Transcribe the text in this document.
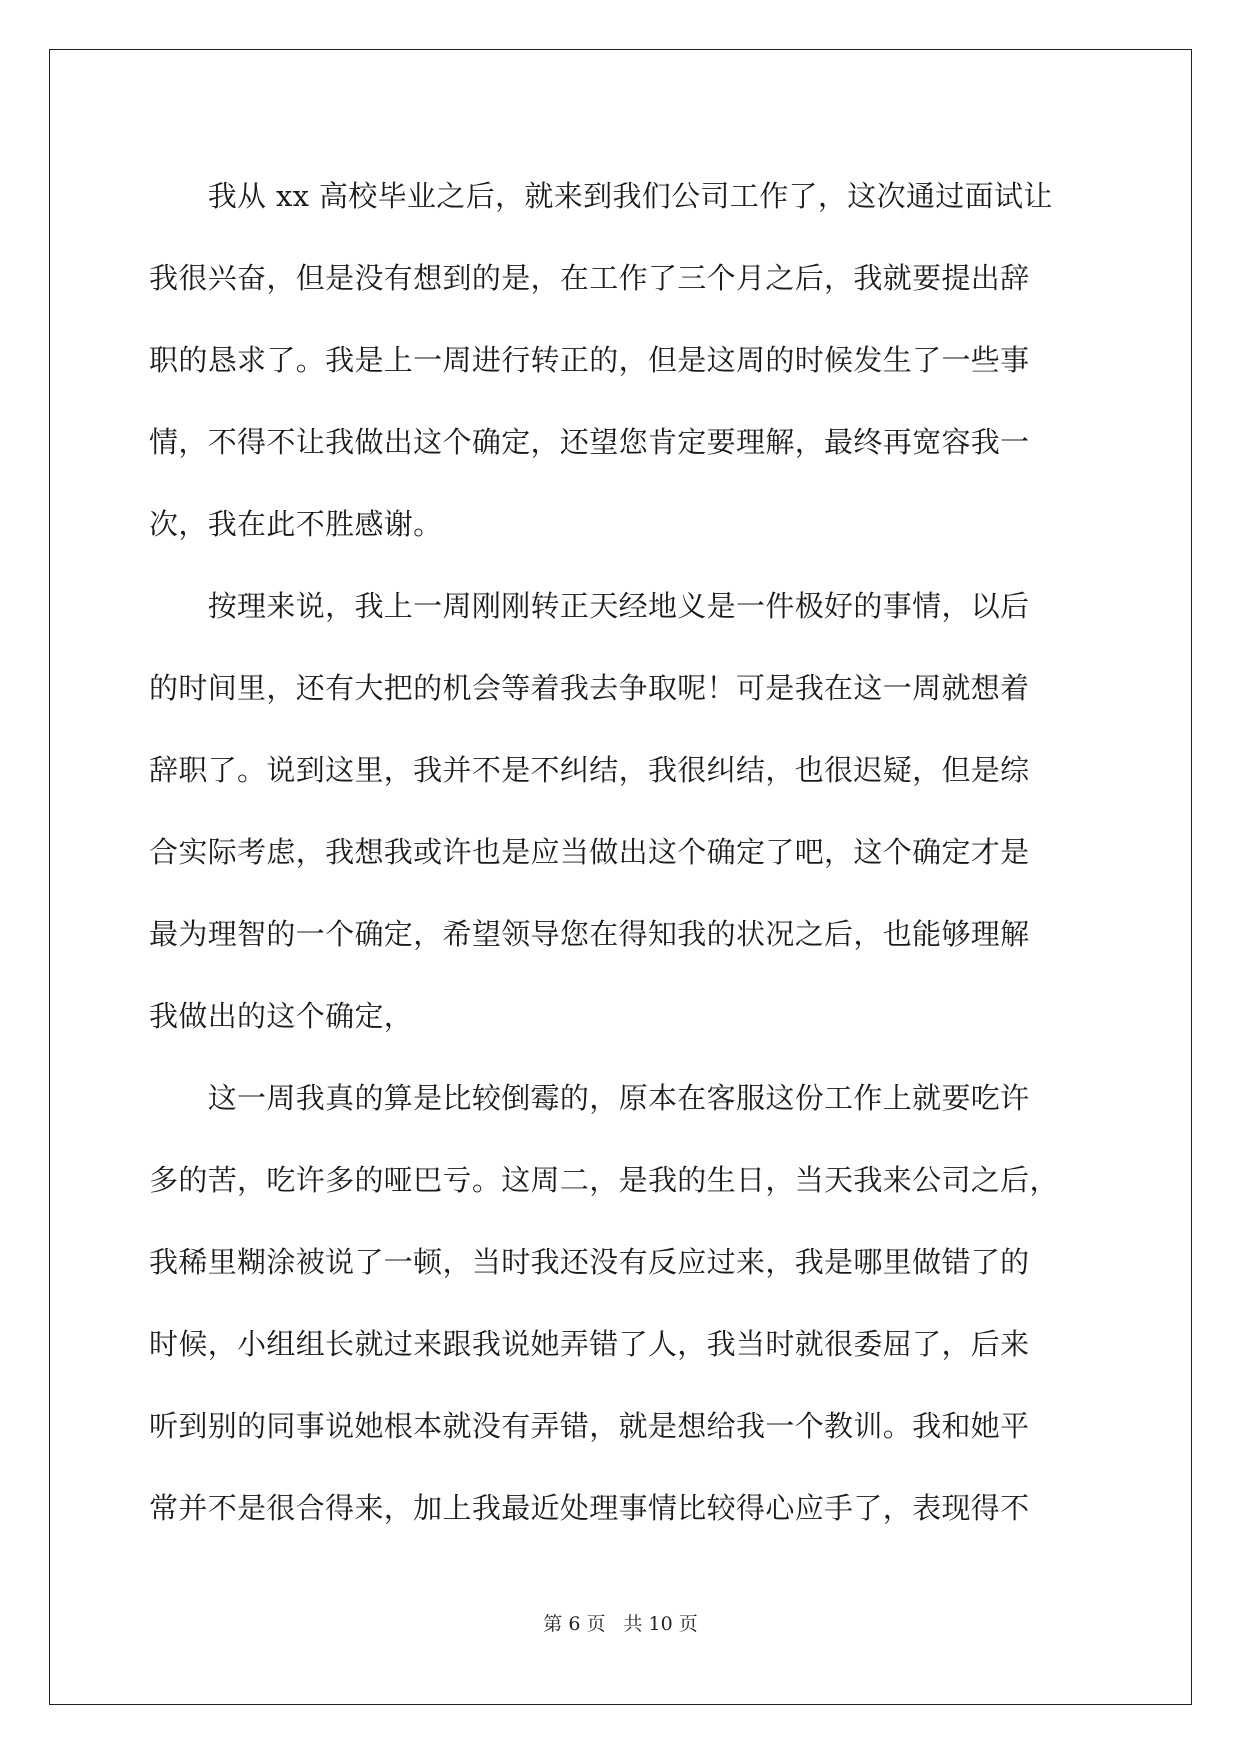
　　我从 xx 高校毕业之后，就来到我们公司工作了，这次通过面试让
我很兴奋，但是没有想到的是，在工作了三个月之后，我就要提出辞
职的恳求了。我是上一周进行转正的，但是这周的时候发生了一些事
情，不得不让我做出这个确定，还望您肯定要理解，最终再宽容我一
次，我在此不胜感谢。
　　按理来说，我上一周刚刚转正天经地义是一件极好的事情，以后
的时间里，还有大把的机会等着我去争取呢！可是我在这一周就想着
辞职了。说到这里，我并不是不纠结，我很纠结，也很迟疑，但是综
合实际考虑，我想我或许也是应当做出这个确定了吧，这个确定才是
最为理智的一个确定，希望领导您在得知我的状况之后，也能够理解
我做出的这个确定，
　　这一周我真的算是比较倒霉的，原本在客服这份工作上就要吃许
多的苦，吃许多的哑巴亏。这周二，是我的生日，当天我来公司之后，
我稀里糊涂被说了一顿，当时我还没有反应过来，我是哪里做错了的
时候，小组组长就过来跟我说她弄错了人，我当时就很委屈了，后来
听到别的同事说她根本就没有弄错，就是想给我一个教训。我和她平
常并不是很合得来，加上我最近处理事情比较得心应手了，表现得不
第 6 页 共 10 页
